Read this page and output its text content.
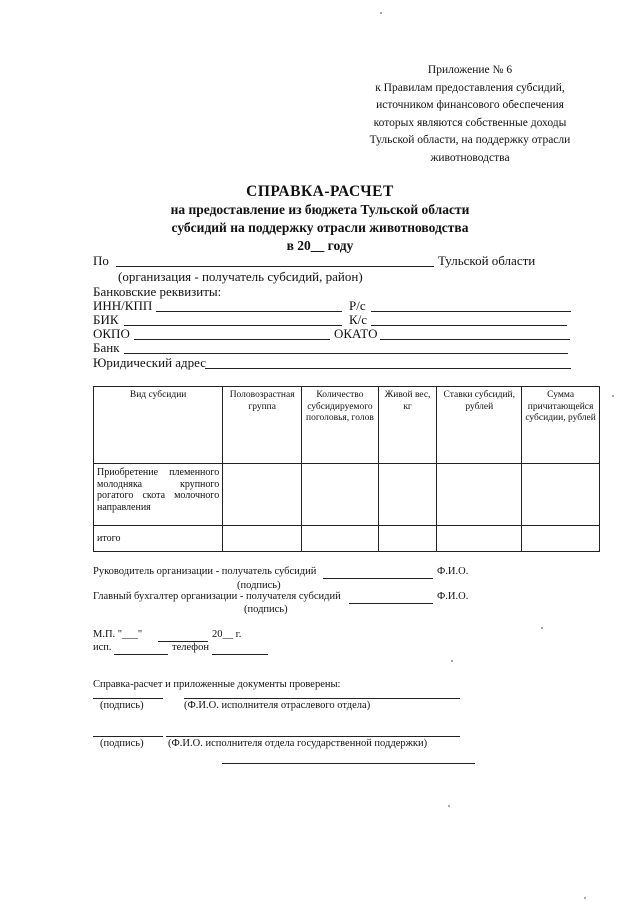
Приложение № 6
к Правилам предоставления субсидий,
источником финансового обеспечения
которых являются собственные доходы
Тульской области, на поддержку отрасли
животноводства
СПРАВКА-РАСЧЕТ
на предоставление из бюджета Тульской области
субсидий на поддержку отрасли животноводства
в 20__ году
По	Тульской области
(организация - получатель субсидий, район)
Банковские реквизиты:
ИНН/КПП	Р/с
БИК	К/с
ОКПО	ОКАТО
Банк
Юридический адрес
Вид субсидии	Половозрастная группа	Количество субсидируемого поголовья, голов	Живой вес, кг	Ставки субсидий, рублей	Сумма причитающейся субсидии, рублей
Приобретение племенного молодняка крупного рогатого скота молочного направления					
итого					
Руководитель организации - получатель субсидий	Ф.И.О.
(подпись)
Главный бухгалтер организации - получателя субсидий	Ф.И.О.
(подпись)
М.П. "___"	20__ г.
исп.	телефон
Справка-расчет и приложенные документы проверены:
(подпись)	(Ф.И.О. исполнителя отраслевого отдела)
(подпись) (Ф.И.О. исполнителя отдела государственной поддержки)
